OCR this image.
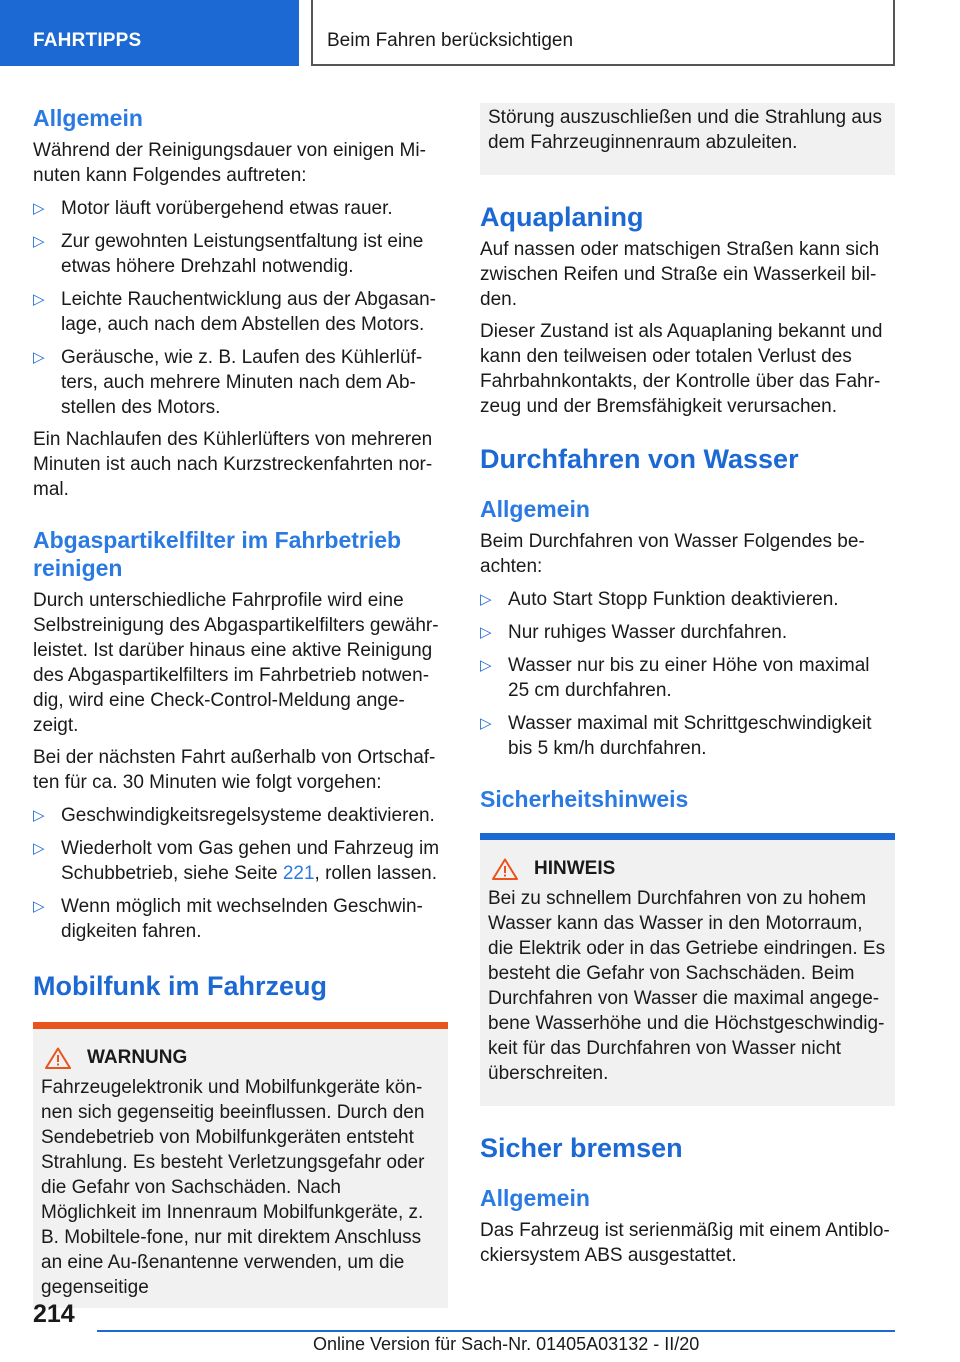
FAHRTIPPS	Beim Fahren berücksichtigen
Allgemein
Während der Reinigungsdauer von einigen Mi-nuten kann Folgendes auftreten:
▷ Motor läuft vorübergehend etwas rauer.
▷ Zur gewohnten Leistungsentfaltung ist eine etwas höhere Drehzahl notwendig.
▷ Leichte Rauchentwicklung aus der Abgasan-lage, auch nach dem Abstellen des Motors.
▷ Geräusche, wie z. B. Laufen des Kühlerlüf-ters, auch mehrere Minuten nach dem Ab-stellen des Motors.
Ein Nachlaufen des Kühlerlüfters von mehreren Minuten ist auch nach Kurzstreckenfahrten nor-mal.
Abgaspartikelfilter im Fahrbetrieb reinigen
Durch unterschiedliche Fahrprofile wird eine Selbstreinigung des Abgaspartikelfilters gewähr-leistet. Ist darüber hinaus eine aktive Reinigung des Abgaspartikelfilters im Fahrbetrieb notwen-dig, wird eine Check-Control-Meldung ange-zeigt.
Bei der nächsten Fahrt außerhalb von Ortschaf-ten für ca. 30 Minuten wie folgt vorgehen:
▷ Geschwindigkeitsregelsysteme deaktivieren.
▷ Wiederholt vom Gas gehen und Fahrzeug im Schubbetrieb, siehe Seite 221, rollen lassen.
▷ Wenn möglich mit wechselnden Geschwin-digkeiten fahren.
Mobilfunk im Fahrzeug
WARNUNG
Fahrzeugelektronik und Mobilfunkgeräte kön-nen sich gegenseitig beeinflussen. Durch den Sendebetrieb von Mobilfunkgeräten entsteht Strahlung. Es besteht Verletzungsgefahr oder die Gefahr von Sachschäden. Nach Möglichkeit im Innenraum Mobilfunkgeräte, z. B. Mobiltele-fone, nur mit direktem Anschluss an eine Au-ßenantenne verwenden, um die gegenseitige
Störung auszuschließen und die Strahlung aus dem Fahrzeuginnenraum abzuleiten.
Aquaplaning
Auf nassen oder matschigen Straßen kann sich zwischen Reifen und Straße ein Wasserkeil bil-den.
Dieser Zustand ist als Aquaplaning bekannt und kann den teilweisen oder totalen Verlust des Fahrbahnkontakts, der Kontrolle über das Fahr-zeug und der Bremsfähigkeit verursachen.
Durchfahren von Wasser
Allgemein
Beim Durchfahren von Wasser Folgendes be-achten:
▷ Auto Start Stopp Funktion deaktivieren.
▷ Nur ruhiges Wasser durchfahren.
▷ Wasser nur bis zu einer Höhe von maximal 25 cm durchfahren.
▷ Wasser maximal mit Schrittgeschwindigkeit bis 5 km/h durchfahren.
Sicherheitshinweis
HINWEIS
Bei zu schnellem Durchfahren von zu hohem Wasser kann das Wasser in den Motorraum, die Elektrik oder in das Getriebe eindringen. Es besteht die Gefahr von Sachschäden. Beim Durchfahren von Wasser die maximal angege-bene Wasserhöhe und die Höchstgeschwindig-keit für das Durchfahren von Wasser nicht überschreiten.
Sicher bremsen
Allgemein
Das Fahrzeug ist serienmäßig mit einem Antiblo-ckiersystem ABS ausgestattet.
214
Online Version für Sach-Nr. 01405A03132 - II/20
